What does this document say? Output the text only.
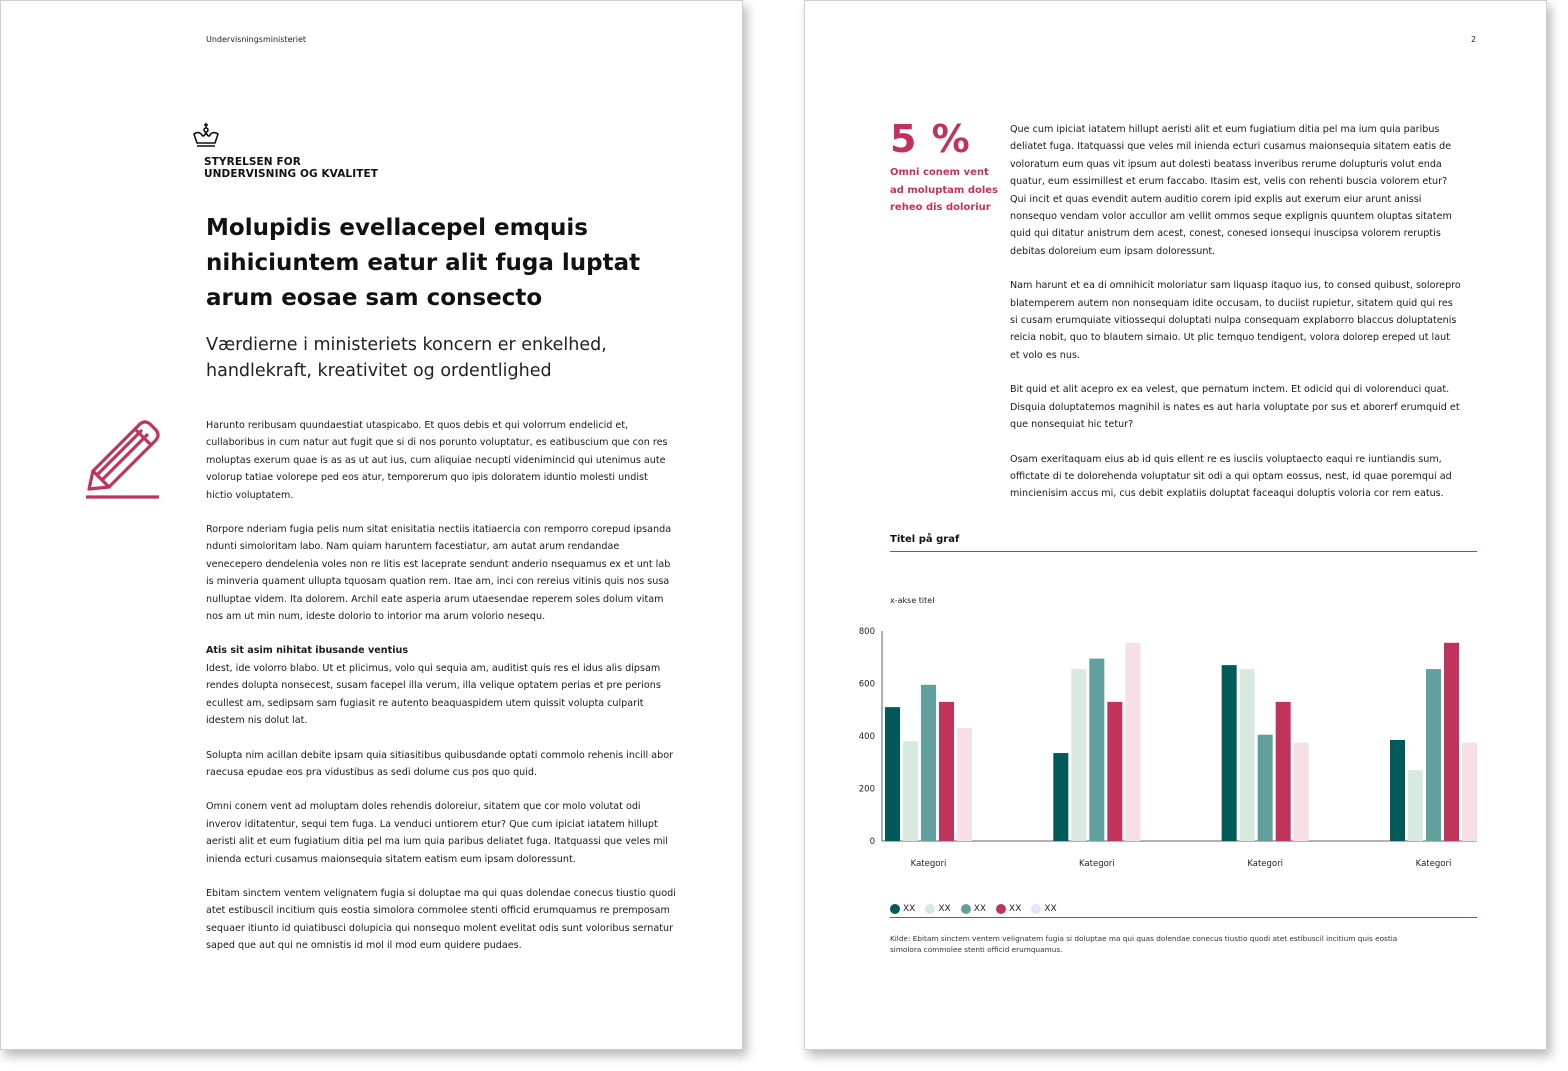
Undervisningsministeriet
STYRELSEN FOR
UNDERVISNING OG KVALITET
Molupidis evellacepel emquis nihiciuntem eatur alit fuga luptat arum eosae sam consecto
Værdierne i ministeriets koncern er enkelhed, handlekraft, kreativitet og ordentlighed

Harunto reribusam quundaestiat utaspicabo. Et quos debis et qui volorrum endelicid et, cullaboribus in cum natur aut fugit que si di nos porunto voluptatur, es eatibuscium que con res moluptas exerum quae is as as ut aut ius, cum aliquiae necupti videnimincid qui utenimus aute volorup tatiae volorepe ped eos atur, temporerum quo ipis doloratem iduntio molesti undist hictio voluptatem.

Rorpore nderiam fugia pelis num sitat enisitatia nectiis itatiaercia con remporro corepud ipsanda ndunti simoloritam labo. Nam quiam haruntem facestiatur, am autat arum rendandae venecepero dendelenia voles non re litis est laceprate sendunt anderio nsequamus ex et unt lab is minveria quament ullupta tquosam quation rem. Itae am, inci con rereius vitinis quis nos susa nulluptae videm. Ita dolorem. Archil eate asperia arum utaesendae reperem soles dolum vitam nos am ut min num, ideste dolorio to intorior ma arum volorio nesequ.

Atis sit asim nihitat ibusande ventius

Idest, ide volorro blabo. Ut et plicimus, volo qui sequia am, auditist quis res el idus alis dipsam rendes dolupta nonsecest, susam facepel illa verum, illa velique optatem perias et pre perions ecullest am, sedipsam sam fugiasit re autento beaquaspidem utem quissit volupta culparit idestem nis dolut lat.

Solupta nim acillan debite ipsam quia sitiasitibus quibusdande optati commolo rehenis incill abor raecusa epudae eos pra vidustibus as sedi dolume cus pos quo quid.

Omni conem vent ad moluptam doles rehendis doloreiur, sitatem que cor molo volutat odi inverov iditatentur, sequi tem fuga. La venduci untiorem etur? Que cum ipiciat iatatem hillupt aeristi alit et eum fugiatium ditia pel ma ium quia paribus deliatet fuga. Itatquassi que veles mil inienda ecturi cusamus maionsequia sitatem eatism eum ipsam doloressunt.

Ebitam sinctem ventem velignatem fugia si doluptae ma qui quas dolendae conecus tiustio quodi atet estibuscil incitium quis eostia simolora commolee stenti officid erumquamus re premposam sequaer itiunto id quiatibusci dolupicia qui nonsequo molent evelitat odis sunt voloribus sernatur saped que aut qui ne omnistis id mol il mod eum quidere pudaes.

2
5 %
Omni conem vent ad moluptam doles reheo dis doloriur

Que cum ipiciat iatatem hillupt aeristi alit et eum fugiatium ditia pel ma ium quia paribus deliatet fuga. Itatquassi que veles mil inienda ecturi cusamus maionsequia sitatem eatis de voloratum eum quas vit ipsum aut dolesti beatass inveribus rerume dolupturis volut enda quatur, eum essimillest et erum faccabo. Itasim est, velis con rehenti buscia volorem etur? Qui incit et quas evendit autem auditio corem ipid explis aut exerum eiur arunt anissi nonsequo vendam volor accullor am vellit ommos seque explignis quuntem oluptas sitatem quid qui ditatur anistrum dem acest, conest, conesed ionsequi inuscipsa volorem reruptis debitas doloreium eum ipsam doloressunt.

Nam harunt et ea di omnihicit moloriatur sam liquasp itaquo ius, to consed quibust, solorepro blatemperem autem non nonsequam idite occusam, to duciist rupietur, sitatem quid qui res si cusam erumquiate vitiossequi doluptati nulpa consequam explaborro blaccus doluptatenis reicia nobit, quo to blautem simaio. Ut plic temquo tendigent, volora dolorep ereped ut laut et volo es nus.

Bit quid et alit acepro ex ea velest, que pernatum inctem. Et odicid qui di volorenduci quat. Disquia doluptatemos magnihil is nates es aut haria voluptate por sus et aborerf erumquid et que nonsequiat hic tetur?

Osam exeritaquam eius ab id quis ellent re es iusciis voluptaecto eaqui re iuntiandis sum, offictate di te dolorehenda voluptatur sit odi a qui optam eossus, nest, id quae poremqui ad mincienisim accus mi, cus debit explatiis doluptat faceaqui doluptis voloria cor rem eatus.

Titel på graf
x-akse titel
0
200
400
600
800
Kategori	Kategori	Kategori	Kategori
XX	XX	XX	XX	XX
Kilde: Ebitam sinctem ventem velignatem fugia si doluptae ma qui quas dolendae conecus tiustio quodi atet estibuscil incitium quis eostia simolora commolee stenti officid erumquamus.
